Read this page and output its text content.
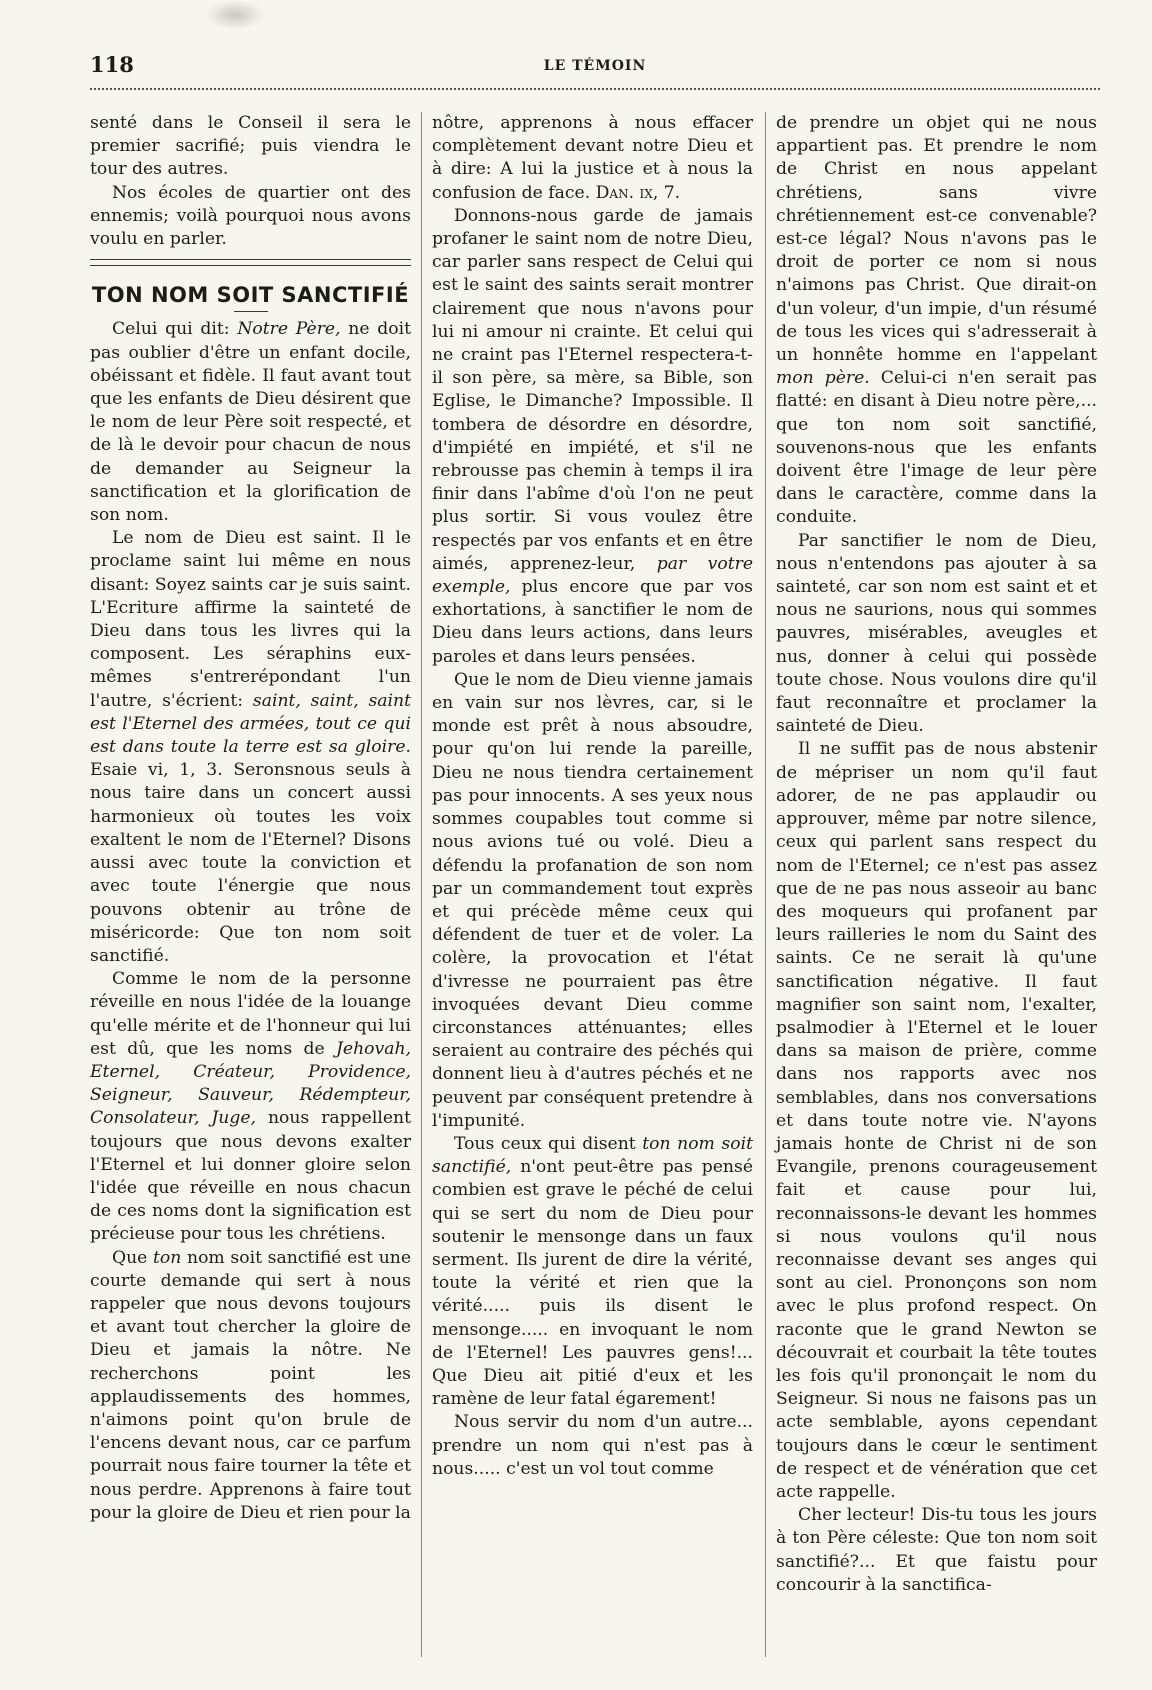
118	LE TÉMOIN

senté dans le Conseil il sera le premier sacrifié; puis viendra le tour des autres.

Nos écoles de quartier ont des ennemis; voilà pourquoi nous avons voulu en parler.

TON NOM SOIT SANCTIFIÉ

Celui qui dit: Notre Père, ne doit pas oublier d'être un enfant docile, obéissant et fidèle. Il faut avant tout que les enfants de Dieu désirent que le nom de leur Père soit respecté, et de là le devoir pour chacun de nous de demander au Seigneur la sanctification et la glorification de son nom.

Le nom de Dieu est saint. Il le proclame saint lui même en nous disant: Soyez saints car je suis saint. L'Ecriture affirme la sainteté de Dieu dans tous les livres qui la composent. Les séraphins eux-mêmes s'entrerépondant l'un l'autre, s'écrient: saint, saint, saint est l'Eternel des armées, tout ce qui est dans toute la terre est sa gloire. Esaie vi, 1, 3. Seronsnous seuls à nous taire dans un concert aussi harmonieux où toutes les voix exaltent le nom de l'Eternel? Disons aussi avec toute la conviction et avec toute l'énergie que nous pouvons obtenir au trône de miséricorde: Que ton nom soit sanctifié.

Comme le nom de la personne réveille en nous l'idée de la louange qu'elle mérite et de l'honneur qui lui est dû, que les noms de Jehovah, Eternel, Créateur, Providence, Seigneur, Sauveur, Rédempteur, Consolateur, Juge, nous rappellent toujours que nous devons exalter l'Eternel et lui donner gloire selon l'idée que réveille en nous chacun de ces noms dont la signification est précieuse pour tous les chrétiens.

Que ton nom soit sanctifié est une courte demande qui sert à nous rappeler que nous devons toujours et avant tout chercher la gloire de Dieu et jamais la nôtre. Ne recherchons point les applaudissements des hommes, n'aimons point qu'on brule de l'encens devant nous, car ce parfum pourrait nous faire tourner la tête et nous perdre. Apprenons à faire tout pour la gloire de Dieu et rien pour la

nôtre, apprenons à nous effacer complètement devant notre Dieu et à dire: A lui la justice et à nous la confusion de face. Dan. ix, 7.

Donnons-nous garde de jamais profaner le saint nom de notre Dieu, car parler sans respect de Celui qui est le saint des saints serait montrer clairement que nous n'avons pour lui ni amour ni crainte. Et celui qui ne craint pas l'Eternel respectera-t-il son père, sa mère, sa Bible, son Eglise, le Dimanche? Impossible. Il tombera de désordre en désordre, d'impiété en impiété, et s'il ne rebrousse pas chemin à temps il ira finir dans l'abîme d'où l'on ne peut plus sortir. Si vous voulez être respectés par vos enfants et en être aimés, apprenez-leur, par votre exemple, plus encore que par vos exhortations, à sanctifier le nom de Dieu dans leurs actions, dans leurs paroles et dans leurs pensées.

Que le nom de Dieu vienne jamais en vain sur nos lèvres, car, si le monde est prêt à nous absoudre, pour qu'on lui rende la pareille, Dieu ne nous tiendra certainement pas pour innocents. A ses yeux nous sommes coupables tout comme si nous avions tué ou volé. Dieu a défendu la profanation de son nom par un commandement tout exprès et qui précède même ceux qui défendent de tuer et de voler. La colère, la provocation et l'état d'ivresse ne pourraient pas être invoquées devant Dieu comme circonstances atténuantes; elles seraient au contraire des péchés qui donnent lieu à d'autres péchés et ne peuvent par conséquent pretendre à l'impunité.

Tous ceux qui disent ton nom soit sanctifié, n'ont peut-être pas pensé combien est grave le péché de celui qui se sert du nom de Dieu pour soutenir le mensonge dans un faux serment. Ils jurent de dire la vérité, toute la vérité et rien que la vérité..... puis ils disent le mensonge..... en invoquant le nom de l'Eternel! Les pauvres gens!... Que Dieu ait pitié d'eux et les ramène de leur fatal égarement!

Nous servir du nom d'un autre... prendre un nom qui n'est pas à nous..... c'est un vol tout comme

de prendre un objet qui ne nous appartient pas. Et prendre le nom de Christ en nous appelant chrétiens, sans vivre chrétiennement est-ce convenable? est-ce légal? Nous n'avons pas le droit de porter ce nom si nous n'aimons pas Christ. Que dirait-on d'un voleur, d'un impie, d'un résumé de tous les vices qui s'adresserait à un honnête homme en l'appelant mon père. Celui-ci n'en serait pas flatté: en disant à Dieu notre père,... que ton nom soit sanctifié, souvenons-nous que les enfants doivent être l'image de leur père dans le caractère, comme dans la conduite.

Par sanctifier le nom de Dieu, nous n'entendons pas ajouter à sa sainteté, car son nom est saint et et nous ne saurions, nous qui sommes pauvres, misérables, aveugles et nus, donner à celui qui possède toute chose. Nous voulons dire qu'il faut reconnaître et proclamer la sainteté de Dieu.

Il ne suffit pas de nous abstenir de mépriser un nom qu'il faut adorer, de ne pas applaudir ou approuver, même par notre silence, ceux qui parlent sans respect du nom de l'Eternel; ce n'est pas assez que de ne pas nous asseoir au banc des moqueurs qui profanent par leurs railleries le nom du Saint des saints. Ce ne serait là qu'une sanctification négative. Il faut magnifier son saint nom, l'exalter, psalmodier à l'Eternel et le louer dans sa maison de prière, comme dans nos rapports avec nos semblables, dans nos conversations et dans toute notre vie. N'ayons jamais honte de Christ ni de son Evangile, prenons courageusement fait et cause pour lui, reconnaissons-le devant les hommes si nous voulons qu'il nous reconnaisse devant ses anges qui sont au ciel. Prononçons son nom avec le plus profond respect. On raconte que le grand Newton se découvrait et courbait la tête toutes les fois qu'il prononçait le nom du Seigneur. Si nous ne faisons pas un acte semblable, ayons cependant toujours dans le cœur le sentiment de respect et de vénération que cet acte rappelle.

Cher lecteur! Dis-tu tous les jours à ton Père céleste: Que ton nom soit sanctifié?... Et que faistu pour concourir à la sanctifica-
